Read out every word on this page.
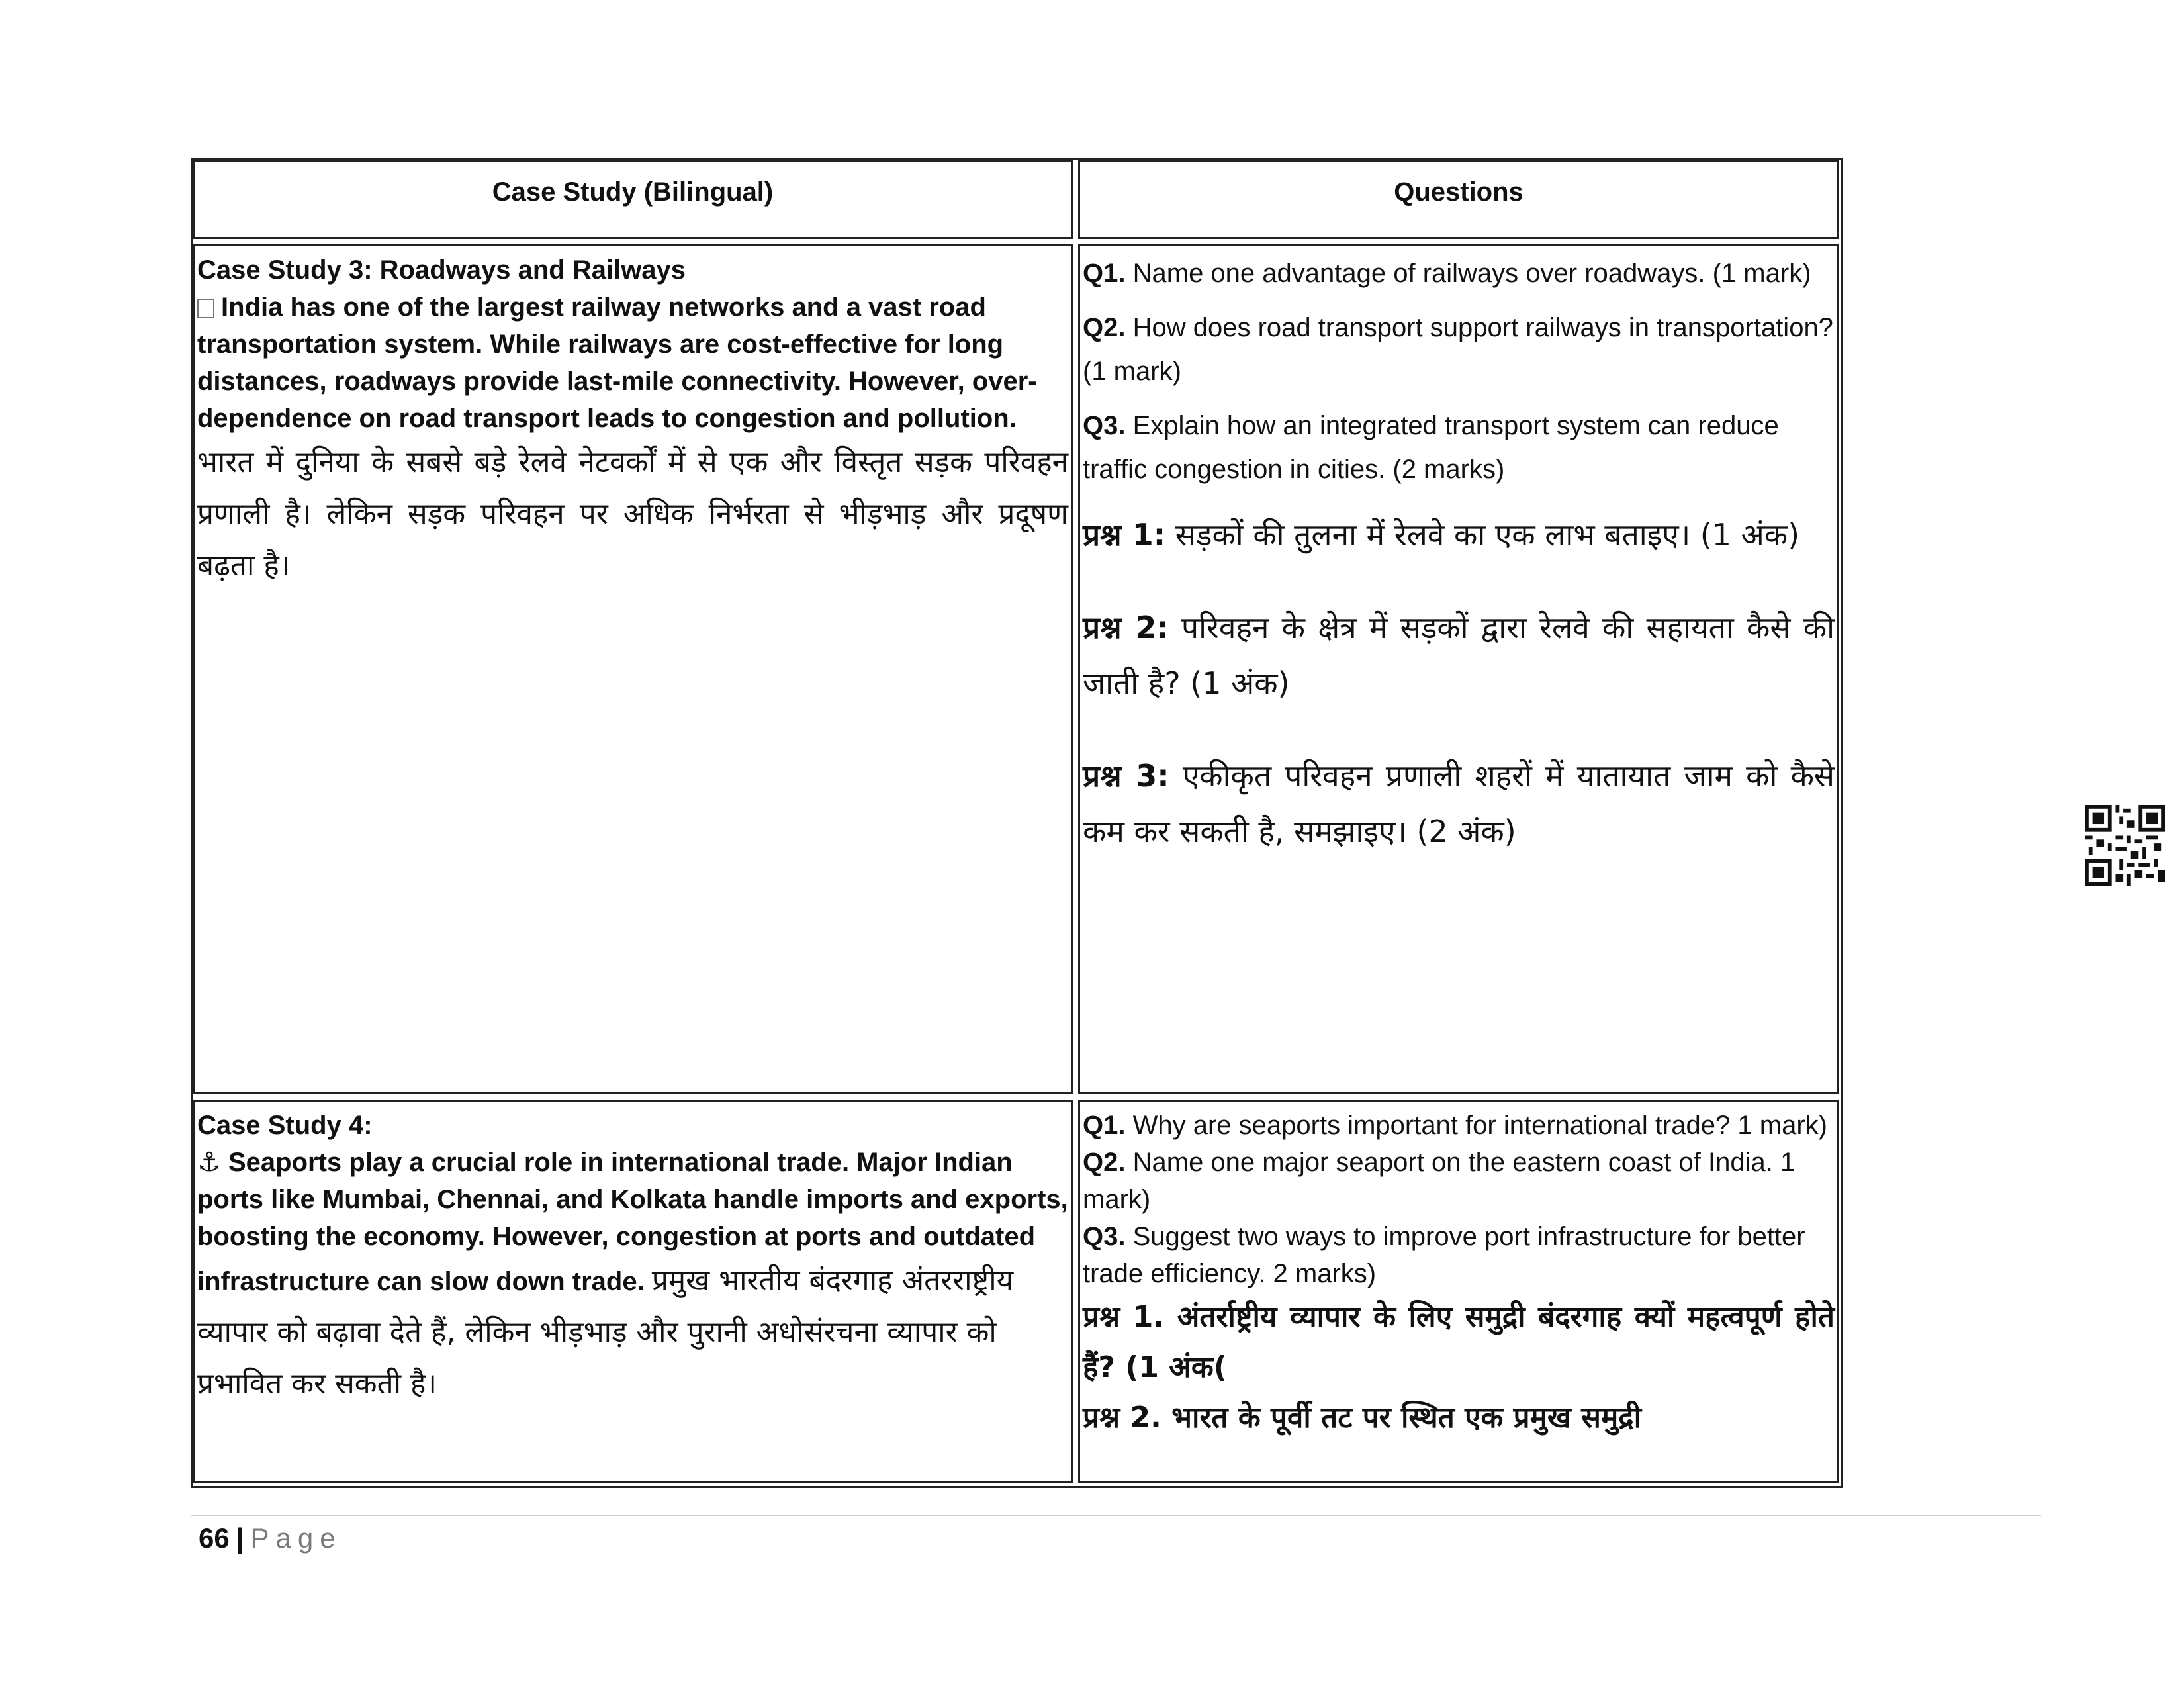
Case Study (Bilingual)	Questions
Case Study 3: Roadways and Railways
India has one of the largest railway networks and a vast road transportation system. While railways are cost-effective for long distances, roadways provide last-mile connectivity. However, over-dependence on road transport leads to congestion and pollution.
भारत में दुनिया के सबसे बड़े रेलवे नेटवर्कों में से एक और विस्तृत सड़क परिवहन प्रणाली है। लेकिन सड़क परिवहन पर अधिक निर्भरता से भीड़भाड़ और प्रदूषण बढ़ता है।

Q1. Name one advantage of railways over roadways. (1 mark)

Q2. How does road transport support railways in transportation? (1 mark)

Q3. Explain how an integrated transport system can reduce traffic congestion in cities. (2 marks)

प्रश्न 1: सड़कों की तुलना में रेलवे का एक लाभ बताइए। (1 अंक)

प्रश्न 2: परिवहन के क्षेत्र में सड़कों द्वारा रेलवे की सहायता कैसे की जाती है? (1 अंक)

प्रश्न 3: एकीकृत परिवहन प्रणाली शहरों में यातायात जाम को कैसे कम कर सकती है, समझाइए। (2 अंक)

Case Study 4:
⚓ Seaports play a crucial role in international trade. Major Indian ports like Mumbai, Chennai, and Kolkata handle imports and exports, boosting the economy. However, congestion at ports and outdated infrastructure can slow down trade. प्रमुख भारतीय बंदरगाह अंतरराष्ट्रीय व्यापार को बढ़ावा देते हैं, लेकिन भीड़भाड़ और पुरानी अधोसंरचना व्यापार को प्रभावित कर सकती है।

Q1. Why are seaports important for international trade? 1 mark)

Q2. Name one major seaport on the eastern coast of India. 1 mark)

Q3. Suggest two ways to improve port infrastructure for better trade efficiency. 2 marks)

प्रश्न 1. अंतर्राष्ट्रीय व्यापार के लिए समुद्री बंदरगाह क्यों महत्वपूर्ण होते हैं? (1 अंक(

प्रश्न 2. भारत के पूर्वी तट पर स्थित एक प्रमुख समुद्री

66 | Page
